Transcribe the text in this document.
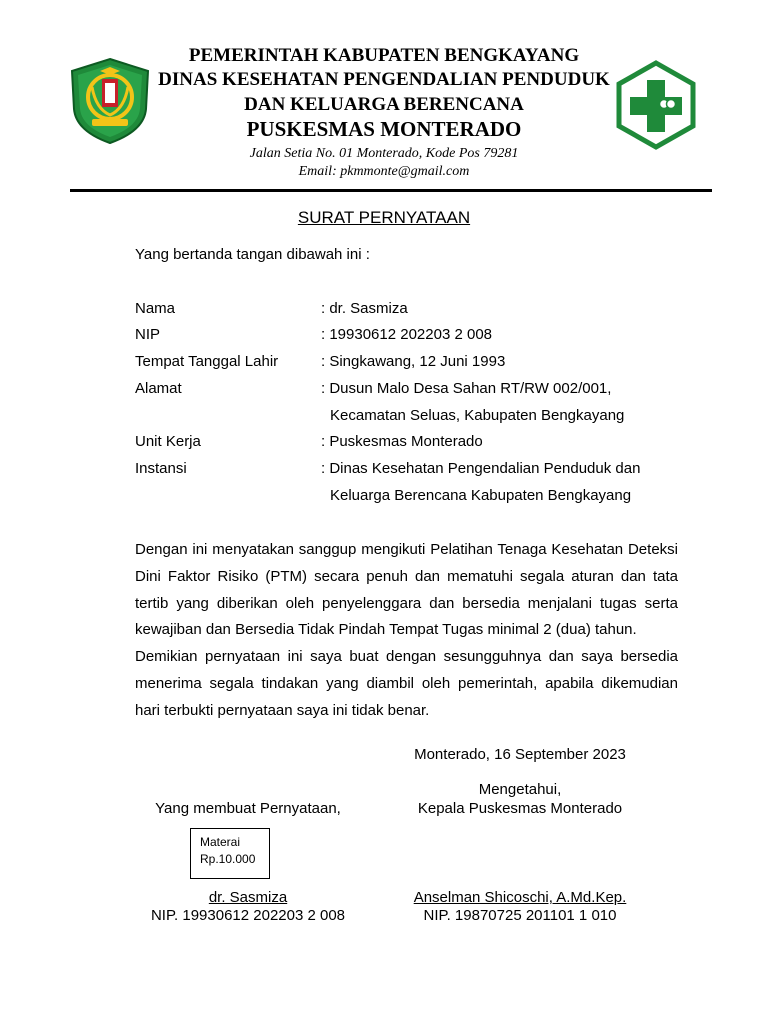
PEMERINTAH KABUPATEN BENGKAYANG
DINAS KESEHATAN PENGENDALIAN PENDUDUK
DAN KELUARGA BERENCANA
PUSKESMAS MONTERADO
Jalan Setia No. 01 Monterado, Kode Pos 79281
Email: pkmmonte@gmail.com
SURAT PERNYATAAN
Yang bertanda tangan dibawah ini :
Nama	: dr. Sasmiza
NIP	: 19930612 202203 2 008
Tempat Tanggal Lahir	: Singkawang, 12 Juni 1993
Alamat	: Dusun Malo Desa Sahan RT/RW 002/001,
Kecamatan Seluas, Kabupaten Bengkayang
Unit Kerja	: Puskesmas Monterado
Instansi	: Dinas Kesehatan Pengendalian Penduduk dan
Keluarga Berencana Kabupaten Bengkayang
Dengan ini menyatakan sanggup mengikuti Pelatihan Tenaga Kesehatan Deteksi
Dini Faktor Risiko (PTM) secara penuh dan mematuhi segala aturan dan tata
tertib yang diberikan oleh penyelenggara dan bersedia menjalani tugas serta
kewajiban dan Bersedia Tidak Pindah Tempat Tugas minimal 2 (dua) tahun.
Demikian pernyataan ini saya buat dengan sesungguhnya dan saya bersedia
menerima segala tindakan yang diambil oleh pemerintah, apabila dikemudian
hari terbukti pernyataan saya ini tidak benar.
Monterado, 16 September 2023
Mengetahui,
Kepala Puskesmas Monterado
Anselman Shicoschi, A.Md.Kep.
NIP. 19870725 201101 1 010
Yang membuat Pernyataan,
Materai
Rp.10.000
dr. Sasmiza
NIP. 19930612 202203 2 008
